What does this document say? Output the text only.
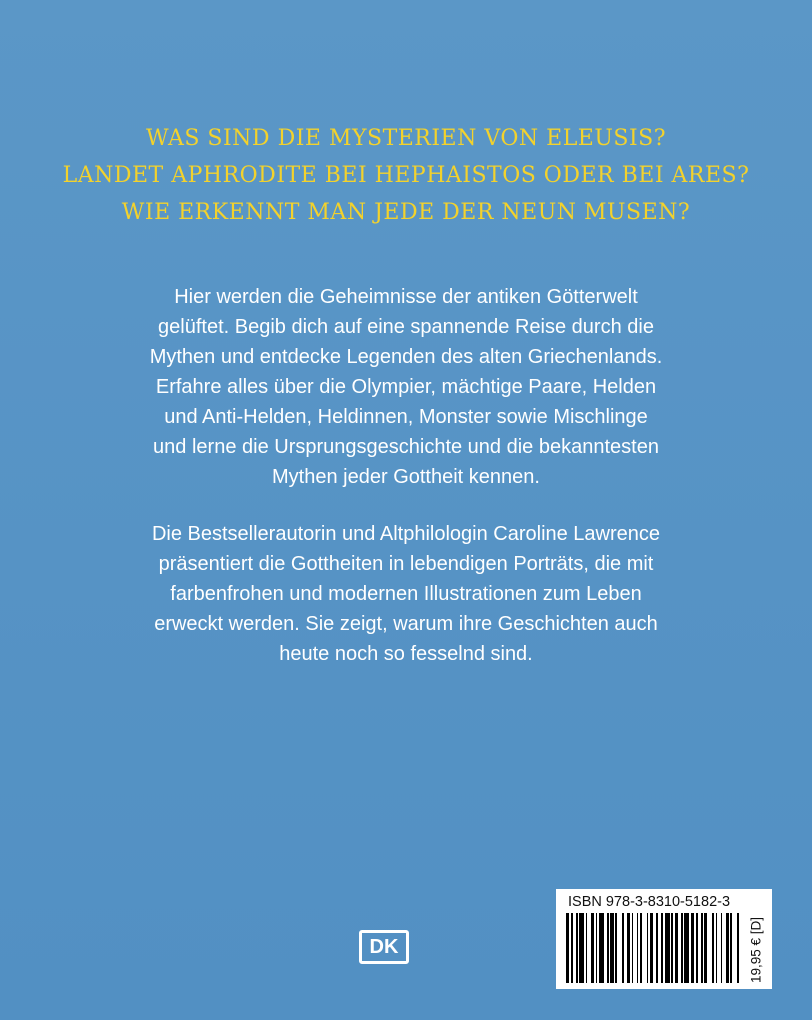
WAS SIND DIE MYSTERIEN VON ELEUSIS?
LANDET APHRODITE BEI HEPHAISTOS ODER BEI ARES?
WIE ERKENNT MAN JEDE DER NEUN MUSEN?
Hier werden die Geheimnisse der antiken Götterwelt
gelüftet. Begib dich auf eine spannende Reise durch die
Mythen und entdecke Legenden des alten Griechenlands.
Erfahre alles über die Olympier, mächtige Paare, Helden
und Anti-Helden, Heldinnen, Monster sowie Mischlinge
und lerne die Ursprungsgeschichte und die bekanntesten
Mythen jeder Gottheit kennen.
Die Bestsellerautorin und Altphilologin Caroline Lawrence
präsentiert die Gottheiten in lebendigen Porträts, die mit
farbenfrohen und modernen Illustrationen zum Leben
erweckt werden. Sie zeigt, warum ihre Geschichten auch
heute noch so fesselnd sind.
DK
ISBN 978-3-8310-5182-3
19,95 € [D]
